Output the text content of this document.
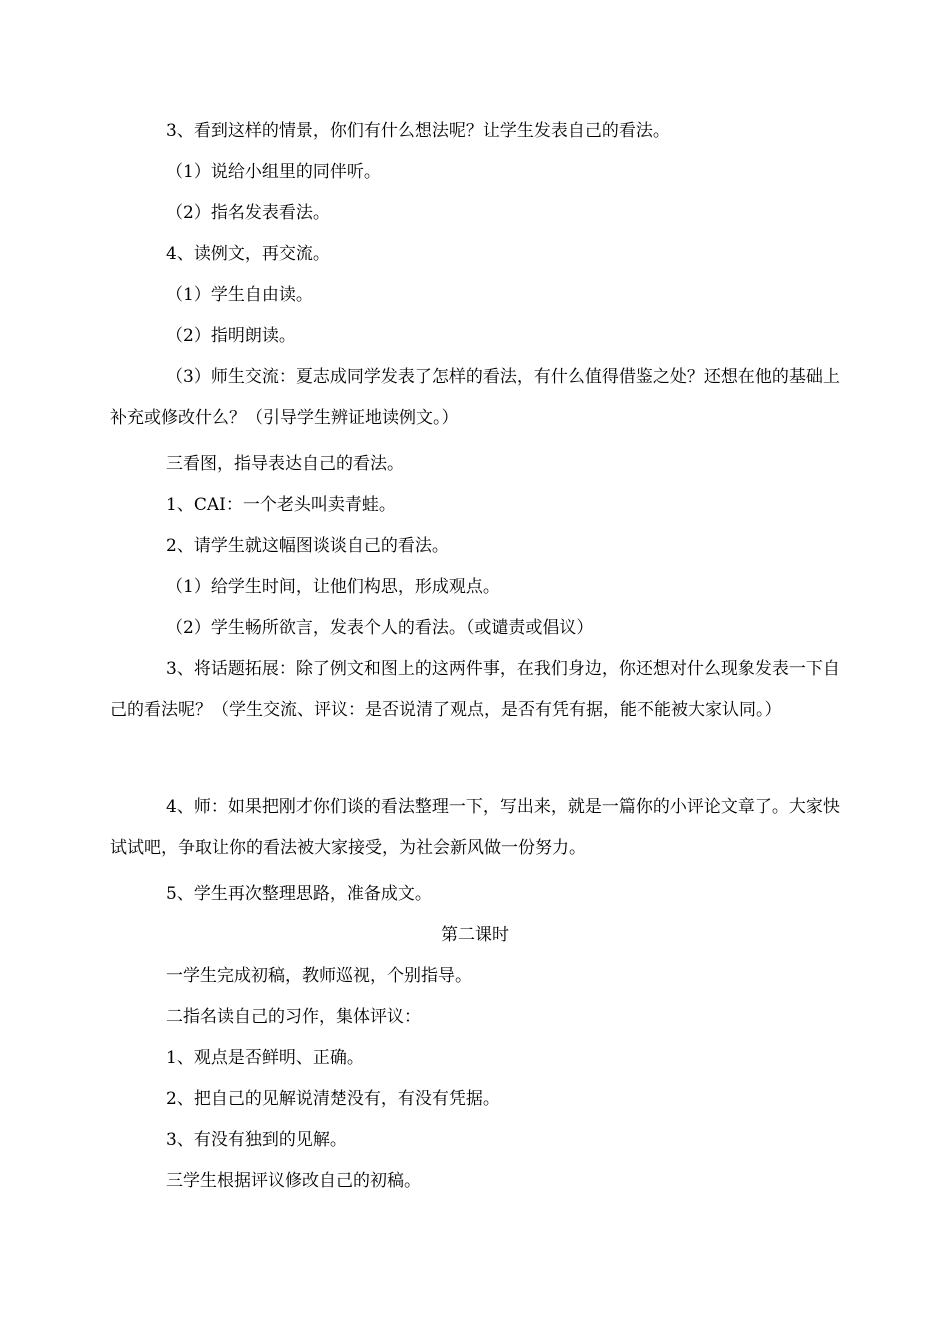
3、看到这样的情景，你们有什么想法呢？让学生发表自己的看法。

（1）说给小组里的同伴听。

（2）指名发表看法。

4、读例文，再交流。

（1）学生自由读。

（2）指明朗读。

（3）师生交流：夏志成同学发表了怎样的看法，有什么值得借鉴之处？还想在他的基础上补充或修改什么？（引导学生辨证地读例文。）

三看图，指导表达自己的看法。

1、CAI：一个老头叫卖青蛙。

2、请学生就这幅图谈谈自己的看法。

（1）给学生时间，让他们构思，形成观点。

（2）学生畅所欲言，发表个人的看法。（或谴责或倡议）

3、将话题拓展：除了例文和图上的这两件事，在我们身边，你还想对什么现象发表一下自己的看法呢？（学生交流、评议：是否说清了观点，是否有凭有据，能不能被大家认同。）

4、师：如果把刚才你们谈的看法整理一下，写出来，就是一篇你的小评论文章了。大家快试试吧，争取让你的看法被大家接受，为社会新风做一份努力。

5、学生再次整理思路，准备成文。

第二课时

一学生完成初稿，教师巡视，个别指导。

二指名读自己的习作，集体评议：

1、观点是否鲜明、正确。

2、把自己的见解说清楚没有，有没有凭据。

3、有没有独到的见解。

三学生根据评议修改自己的初稿。
